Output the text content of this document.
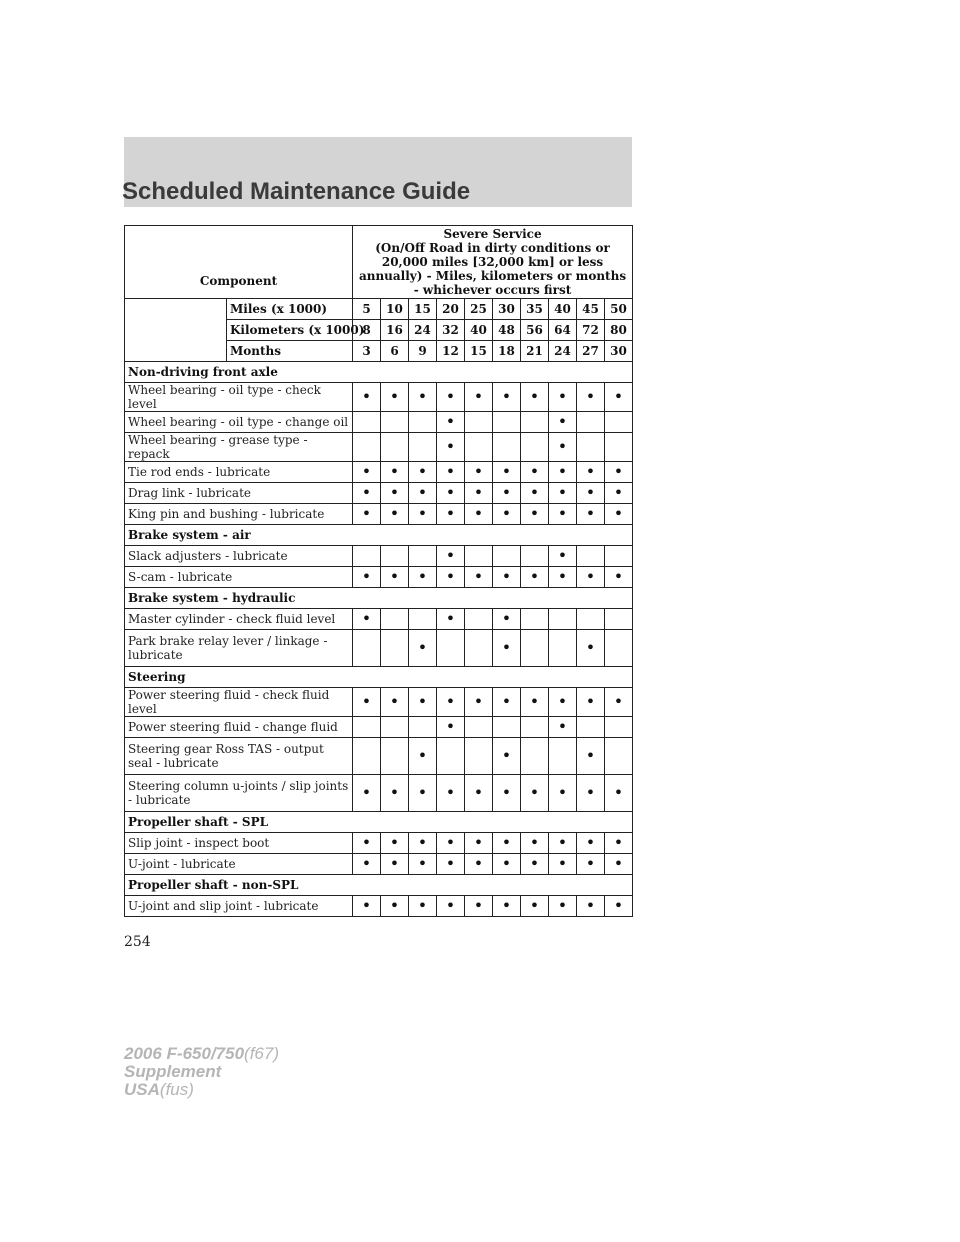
Scheduled Maintenance Guide
Component		Severe Service
(On/Off Road in dirty conditions or 20,000 miles [32,000 km] or less annually) - Miles, kilometers or months - whichever occurs first									

	Miles (x 1000)	5	10	15	20	25	30	35	40	45	50
	Kilometers (x 1000)	8	16	24	32	40	48	56	64	72	80
	Months	3	6	9	12	15	18	21	24	27	30
Non-driving front axle											
Wheel bearing - oil type - check level		•	•	•	•	•	•	•	•	•	•
Wheel bearing - oil type - change oil					•				•		
Wheel bearing - grease type - repack					•				•		
Tie rod ends - lubricate		•	•	•	•	•	•	•	•	•	•
Drag link - lubricate		•	•	•	•	•	•	•	•	•	•
King pin and bushing - lubricate		•	•	•	•	•	•	•	•	•	•
Brake system - air											
Slack adjusters - lubricate					•				•		
S-cam - lubricate		•	•	•	•	•	•	•	•	•	•
Brake system - hydraulic											
Master cylinder - check fluid level		•			•		•				
Park brake relay lever / linkage - lubricate				•			•			•	
Steering											
Power steering fluid - check fluid level		•	•	•	•	•	•	•	•	•	•
Power steering fluid - change fluid					•				•		
Steering gear Ross TAS - output seal - lubricate				•			•			•	
Steering column u-joints / slip joints - lubricate		•	•	•	•	•	•	•	•	•	•
Propeller shaft - SPL											
Slip joint - inspect boot		•	•	•	•	•	•	•	•	•	•
U-joint - lubricate		•	•	•	•	•	•	•	•	•	•
Propeller shaft - non-SPL											
U-joint and slip joint - lubricate		•	•	•	•	•	•	•	•	•	•

254

2006 F-650/750(f67)
Supplement
USA(fus)
